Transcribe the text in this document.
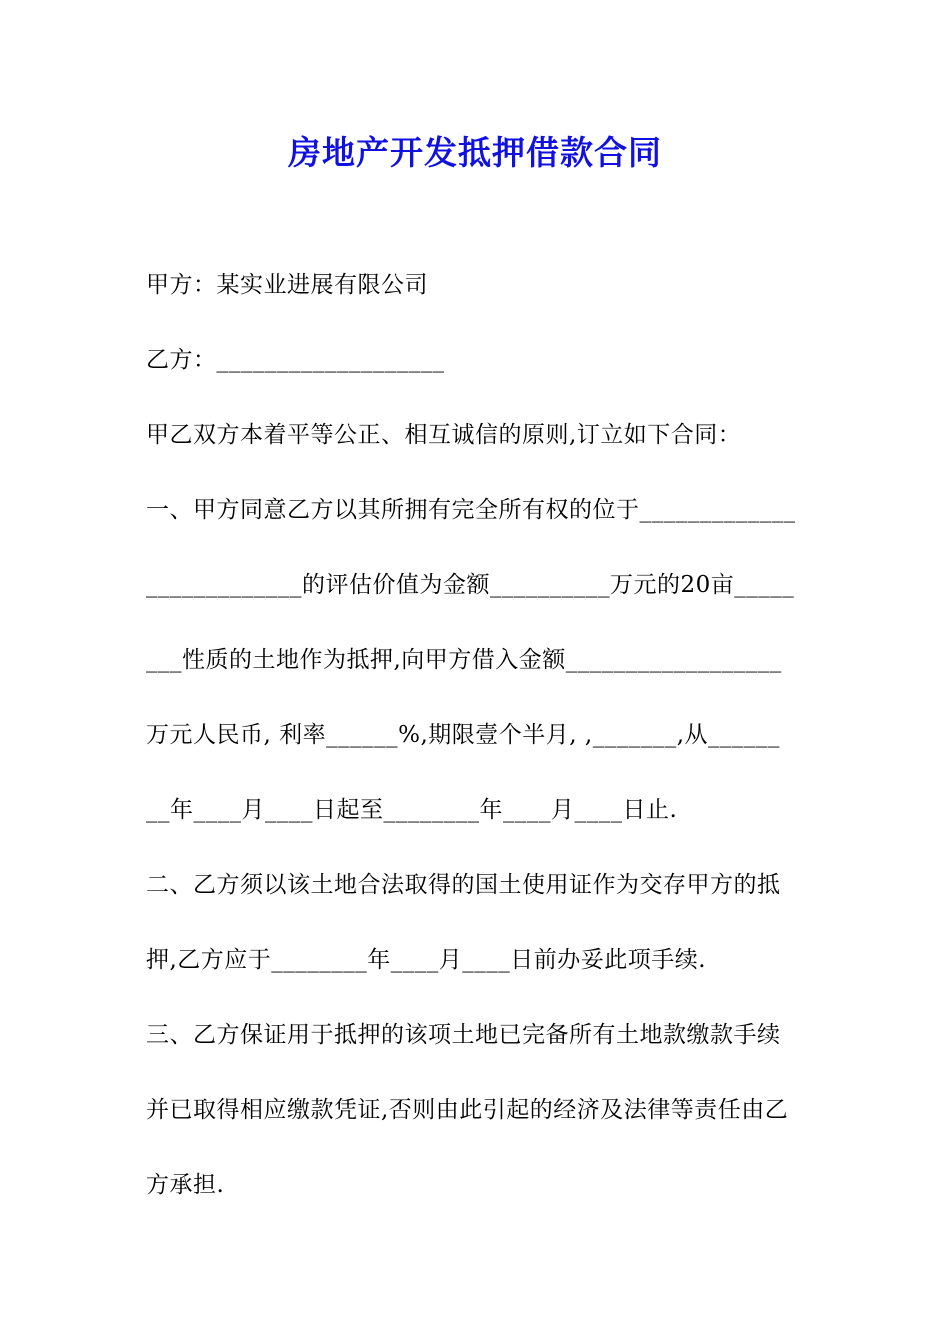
房地产开发抵押借款合同
甲方：某实业进展有限公司
乙方：___________________
甲乙双方本着平等公正、相互诚信的原则,订立如下合同：
一、甲方同意乙方以其所拥有完全所有权的位于_____________
_____________的评估价值为金额__________万元的20亩_____
___性质的土地作为抵押,向甲方借入金额__________________
万元人民币, 利率______%,期限壹个半月, ,_______,从______
__年____月____日起至________年____月____日止.
二、乙方须以该土地合法取得的国土使用证作为交存甲方的抵
押,乙方应于________年____月____日前办妥此项手续.
三、乙方保证用于抵押的该项土地已完备所有土地款缴款手续
并已取得相应缴款凭证,否则由此引起的经济及法律等责任由乙
方承担.
